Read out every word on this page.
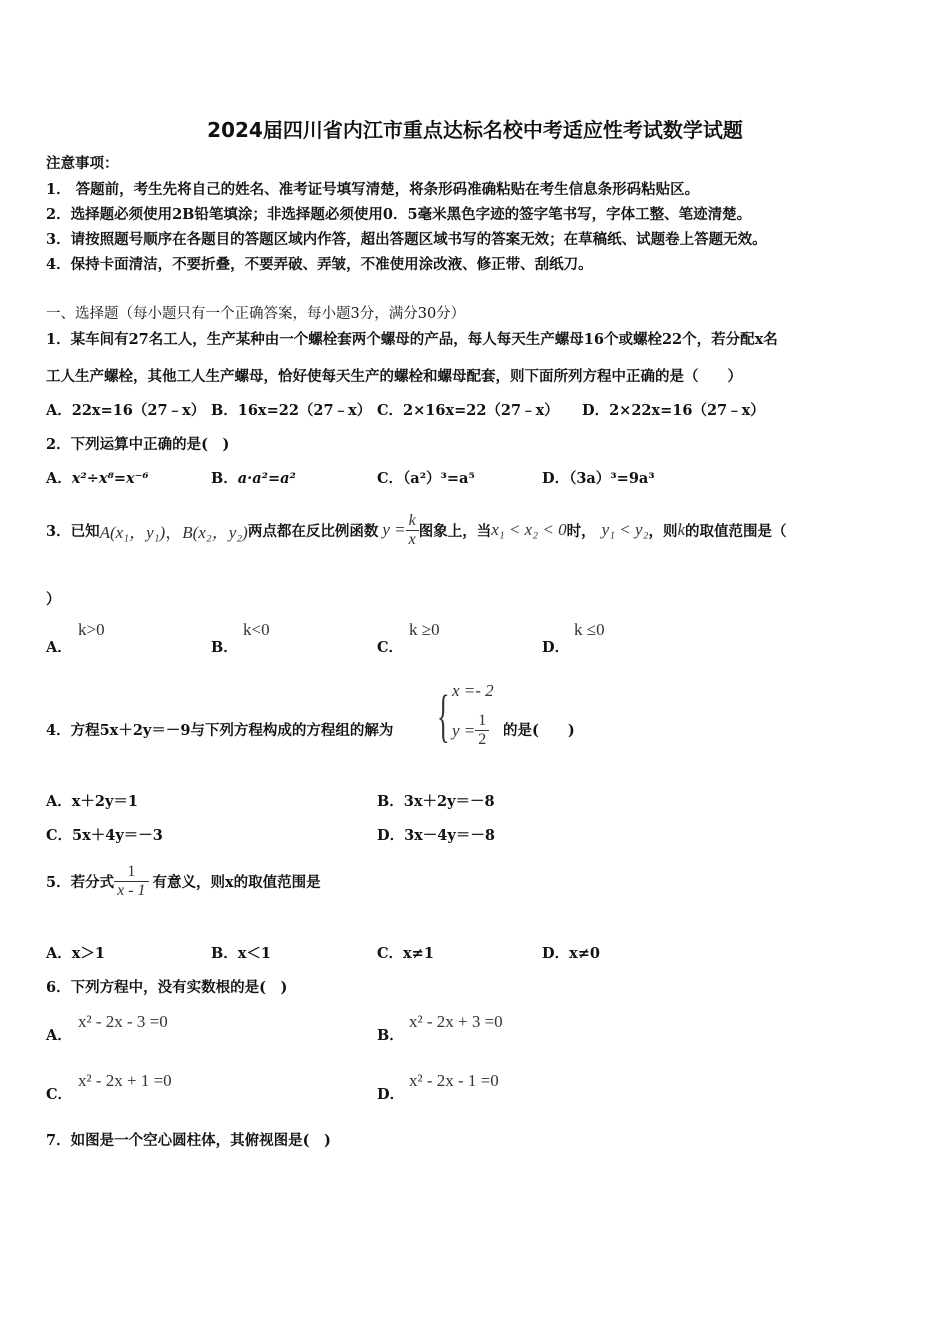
2024届四川省内江市重点达标名校中考适应性考试数学试题
注意事项：
1． 答题前，考生先将自己的姓名、准考证号填写清楚，将条形码准确粘贴在考生信息条形码粘贴区。
2．选择题必须使用2B铅笔填涂；非选择题必须使用0．5毫米黑色字迹的签字笔书写，字体工整、笔迹清楚。
3．请按照题号顺序在各题目的答题区域内作答，超出答题区域书写的答案无效；在草稿纸、试题卷上答题无效。
4．保持卡面清洁，不要折叠，不要弄破、弄皱，不准使用涂改液、修正带、刮纸刀。
一、选择题（每小题只有一个正确答案，每小题3分，满分30分）
1．某车间有27名工人，生产某种由一个螺栓套两个螺母的产品，每人每天生产螺母16个或螺栓22个，若分配x名
工人生产螺栓，其他工人生产螺母，恰好使每天生产的螺栓和螺母配套，则下面所列方程中正确的是（　　）
A．22x=16（27﹣x） B．16x=22（27﹣x） C．2×16x=22（27﹣x） D．2×22x=16（27﹣x）
2．下列运算中正确的是(　)
A．x²÷x⁸=x⁻⁶	B．a·a²=a²	C．（a²）³=a⁵	D．（3a）³=9a³
3．已知 A(x₁，y₁) ， B(x₂，y₂) 两点都在反比例函数 $y = \frac{k}{x}$ 图象上，当 x₁ < x₂ < 0 时， y₁ < y₂ ，则 k 的取值范围是（
）
A．
k>0
B．
k<0
C．
k ≥0
D．
k ≤0
4．方程5x＋2y＝－9与下列方程构成的方程组的解为 { x =- 2
$y = \frac{1}{2}$ 的是(　　)
A．x＋2y＝1	B．3x＋2y＝－8
C．5x＋4y＝－3	D．3x－4y＝－8
5．若分式 $\frac{1}{x - 1}$ 有意义，则x的取值范围是
A．x＞1	B．x＜1	C．x≠1	D．x≠0
6．下列方程中，没有实数根的是(　)
A．
x² - 2x - 3 =0
B．
x² - 2x + 3 =0
C．
x² - 2x + 1 =0
D．
x² - 2x - 1 =0
7．如图是一个空心圆柱体，其俯视图是(　)
